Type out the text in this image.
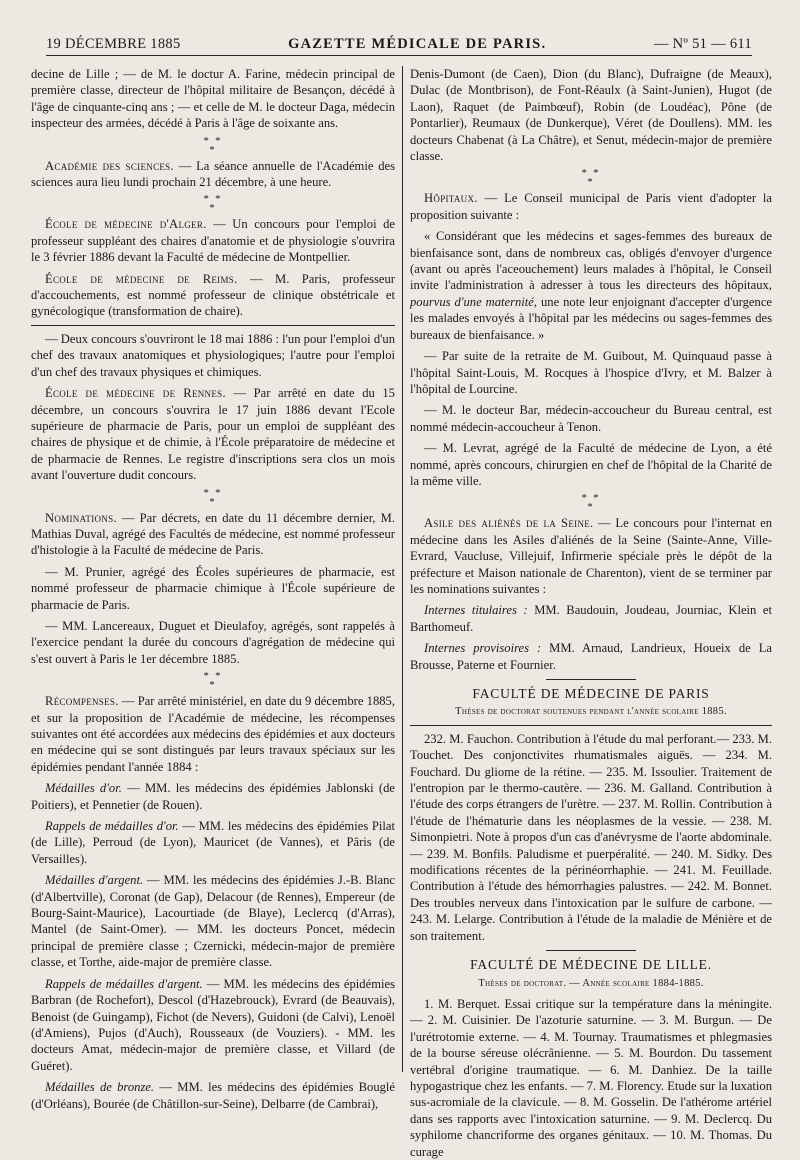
19 DÉCEMBRE 1885	GAZETTE MÉDICALE DE PARIS.	— Nº 51 — 611

decine de Lille ; — de M. le doctur A. Farine, médecin principal de première classe, directeur de l'hôpital militaire de Besançon, décédé à l'âge de cinquante-cinq ans ; — et celle de M. le docteur Daga, médecin inspecteur des armées, décédé à Paris à l'âge de soixante ans.

* *
*

Académie des sciences. — La séance annuelle de l'Académie des sciences aura lieu lundi prochain 21 décembre, à une heure.

* *
*

École de médecine d'Alger. — Un concours pour l'emploi de professeur suppléant des chaires d'anatomie et de physiologie s'ouvrira le 3 février 1886 devant la Faculté de médecine de Montpellier.

École de médecine de Reims. — M. Paris, professeur d'accouchements, est nommé professeur de clinique obstétricale et gynécologique (transformation de chaire).

— Deux concours s'ouvriront le 18 mai 1886 : l'un pour l'emploi d'un chef des travaux anatomiques et physiologiques; l'autre pour l'emploi d'un chef des travaux physiques et chimiques.

École de médecine de Rennes. — Par arrêté en date du 15 décembre, un concours s'ouvrira le 17 juin 1886 devant l'Ecole supérieure de pharmacie de Paris, pour un emploi de suppléant des chaires de physique et de chimie, à l'École préparatoire de médecine et de pharmacie de Rennes. Le registre d'inscriptions sera clos un mois avant l'ouverture dudit concours.

* *
*

Nominations. — Par décrets, en date du 11 décembre dernier, M. Mathias Duval, agrégé des Facultés de médecine, est nommé professeur d'histologie à la Faculté de médecine de Paris.

— M. Prunier, agrégé des Écoles supérieures de pharmacie, est nommé professeur de pharmacie chimique à l'École supérieure de pharmacie de Paris.

— MM. Lancereaux, Duguet et Dieulafoy, agrégés, sont rappelés à l'exercice pendant la durée du concours d'agrégation de médecine qui s'est ouvert à Paris le 1er décembre 1885.

* *
*

Récompenses. — Par arrêté ministériel, en date du 9 décembre 1885, et sur la proposition de l'Académie de médecine, les récompenses suivantes ont été accordées aux médecins des épidémies et aux docteurs en médecine qui se sont distingués par leurs travaux spéciaux sur les épidémies pendant l'année 1884 :

Médailles d'or. — MM. les médecins des épidémies Jablonski (de Poitiers), et Pennetier (de Rouen).

Rappels de médailles d'or. — MM. les médecins des épidémies Pilat (de Lille), Perroud (de Lyon), Mauricet (de Vannes), et Pâris (de Versailles).

Médailles d'argent. — MM. les médecins des épidémies J.-B. Blanc (d'Albertville), Coronat (de Gap), Delacour (de Rennes), Empereur (de Bourg-Saint-Maurice), Lacourtiade (de Blaye), Leclercq (d'Arras), Mantel (de Saint-Omer). — MM. les docteurs Poncet, médecin principal de première classe ; Czernicki, médecin-major de première classe, et Torthe, aide-major de première classe.

Rappels de médailles d'argent. — MM. les médecins des épidémies Barbran (de Rochefort), Descol (d'Hazebrouck), Evrard (de Beauvais), Benoist (de Guingamp), Fichot (de Nevers), Guidoni (de Calvi), Lenoël (d'Amiens), Pujos (d'Auch), Rousseaux (de Vouziers). - MM. les docteurs Amat, médecin-major de première classe, et Villard (de Guéret).

Médailles de bronze. — MM. les médecins des épidémies Bouglé (d'Orléans), Bourée (de Châtillon-sur-Seine), Delbarre (de Cambrai),

Denis-Dumont (de Caen), Dion (du Blanc), Dufraigne (de Meaux), Dulac (de Montbrison), de Font-Réaulx (à Saint-Junien), Hugot (de Laon), Raquet (de Paimbœuf), Robin (de Loudéac), Pône (de Pontarlier), Reumaux (de Dunkerque), Véret (de Doullens). MM. les docteurs Chabenat (à La Châtre), et Senut, médecin-major de première classe.

* *
*

Hôpitaux. — Le Conseil municipal de Paris vient d'adopter la proposition suivante :

« Considérant que les médecins et sages-femmes des bureaux de bienfaisance sont, dans de nombreux cas, obligés d'envoyer d'urgence (avant ou après l'aceouchement) leurs malades à l'hôpital, le Conseil invite l'administration à adresser à tous les directeurs des hôpitaux, pourvus d'une maternité, une note leur enjoignant d'accepter d'urgence les malades envoyés à l'hôpital par les médecins ou sages-femmes des bureaux de bienfaisance. »

— Par suite de la retraite de M. Guibout, M. Quinquaud passe à l'hôpital Saint-Louis, M. Rocques à l'hospice d'Ivry, et M. Balzer à l'hôpital de Lourcine.

— M. le docteur Bar, médecin-accoucheur du Bureau central, est nommé médecin-accoucheur à Tenon.

— M. Levrat, agrégé de la Faculté de médecine de Lyon, a été nommé, après concours, chirurgien en chef de l'hôpital de la Charité de la même ville.

* *
*

Asile des aliénés de la Seine. — Le concours pour l'internat en médecine dans les Asiles d'aliénés de la Seine (Sainte-Anne, Ville-Evrard, Vaucluse, Villejuif, Infirmerie spéciale près le dépôt de la préfecture et Maison nationale de Charenton), vient de se terminer par les nominations suivantes :

Internes titulaires : MM. Baudouin, Joudeau, Journiac, Klein et Barthomeuf.

Internes provisoires : MM. Arnaud, Landrieux, Houeix de La Brousse, Paterne et Fournier.

FACULTÉ DE MÉDECINE DE PARIS
Thèses de doctorat soutenues pendant l'année scolaire 1885.

232. M. Fauchon. Contribution à l'étude du mal perforant.— 233. M. Touchet. Des conjonctivites rhumatismales aiguës. — 234. M. Fouchard. Du gliome de la rétine. — 235. M. Issoulier. Traitement de l'entropion par le thermo-cautère. — 236. M. Galland. Contribution à l'étude des corps étrangers de l'urètre. — 237. M. Rollin. Contribution à l'étude de l'hématurie dans les néoplasmes de la vessie. — 238. M. Simonpietri. Note à propos d'un cas d'anévrysme de l'aorte abdominale. — 239. M. Bonfils. Paludisme et puerpéralité. — 240. M. Sidky. Des modifications récentes de la périnéorrhaphie. — 241. M. Feuillade. Contribution à l'étude des hémorrhagies palustres. — 242. M. Bonnet. Des troubles nerveux dans l'intoxication par le sulfure de carbone. — 243. M. Lelarge. Contribution à l'étude de la maladie de Ménière et de son traitement.

FACULTÉ DE MÉDECINE DE LILLE.
Thèses de doctorat. — Année scolaire 1884-1885.

1. M. Berquet. Essai critique sur la température dans la méningite. — 2. M. Cuisinier. De l'azoturie saturnine. — 3. M. Burgun. — De l'urétrotomie externe. — 4. M. Tournay. Traumatismes et phlegmasies de la bourse séreuse olécrânienne. — 5. M. Bourdon. Du tassement vertébral d'origine traumatique. — 6. M. Danhiez. De la taille hypogastrique chez les enfants. — 7. M. Florency. Etude sur la luxation sus-acromiale de la clavicule. — 8. M. Gosselin. De l'athérome artériel dans ses rapports avec l'intoxication saturnine. — 9. M. Declercq. Du syphilome chancriforme des organes génitaux. — 10. M. Thomas. Du curage
